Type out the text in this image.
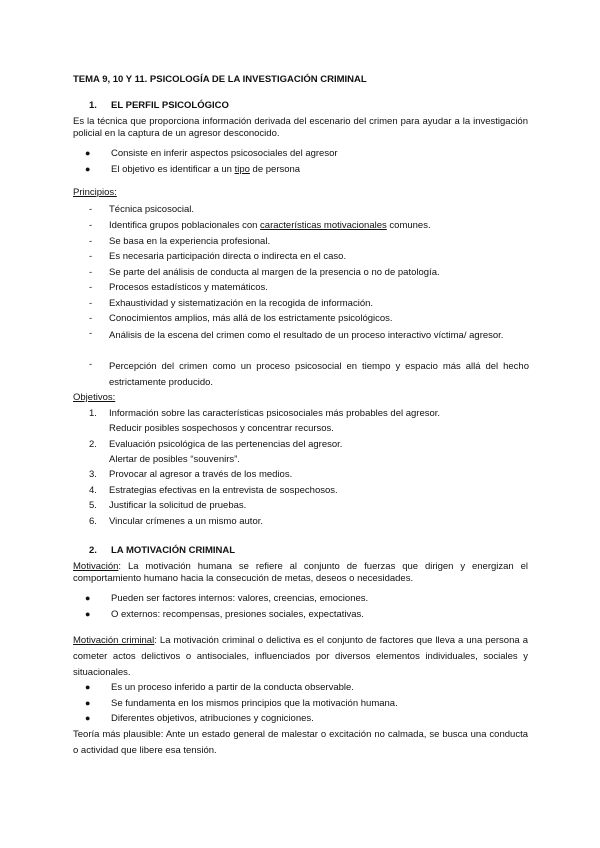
TEMA 9, 10 Y 11. PSICOLOGÍA DE LA INVESTIGACIÓN CRIMINAL

1. EL PERFIL PSICOLÓGICO

Es la técnica que proporciona información derivada del escenario del crimen para ayudar a la investigación policial en la captura de un agresor desconocido.

● Consiste en inferir aspectos psicosociales del agresor

● El objetivo es identificar a un tipo de persona

Principios:

- Técnica psicosocial.

- Identifica grupos poblacionales con características motivacionales comunes.

- Se basa en la experiencia profesional.

- Es necesaria participación directa o indirecta en el caso.

- Se parte del análisis de conducta al margen de la presencia o no de patología.

- Procesos estadísticos y matemáticos.

- Exhaustividad y sistematización en la recogida de información.

- Conocimientos amplios, más allá de los estrictamente psicológicos.

- Análisis de la escena del crimen como el resultado de un proceso interactivo víctima/ agresor.

- Percepción del crimen como un proceso psicosocial en tiempo y espacio más allá del hecho estrictamente producido.

Objetivos:

1. Información sobre las características psicosociales más probables del agresor.

Reducir posibles sospechosos y concentrar recursos.

2. Evaluación psicológica de las pertenencias del agresor.

Alertar de posibles “souvenirs”.

3. Provocar al agresor a través de los medios.

4. Estrategias efectivas en la entrevista de sospechosos.

5. Justificar la solicitud de pruebas.

6. Vincular crímenes a un mismo autor.

2. LA MOTIVACIÓN CRIMINAL

Motivación: La motivación humana se refiere al conjunto de fuerzas que dirigen y energizan el comportamiento humano hacia la consecución de metas, deseos o necesidades.

● Pueden ser factores internos: valores, creencias, emociones.

● O externos: recompensas, presiones sociales, expectativas.

Motivación criminal: La motivación criminal o delictiva es el conjunto de factores que lleva a una persona a cometer actos delictivos o antisociales, influenciados por diversos elementos individuales, sociales y situacionales.

● Es un proceso inferido a partir de la conducta observable.

● Se fundamenta en los mismos principios que la motivación humana.

● Diferentes objetivos, atribuciones y cogniciones.

Teoría más plausible: Ante un estado general de malestar o excitación no calmada, se busca una conducta o actividad que libere esa tensión.
